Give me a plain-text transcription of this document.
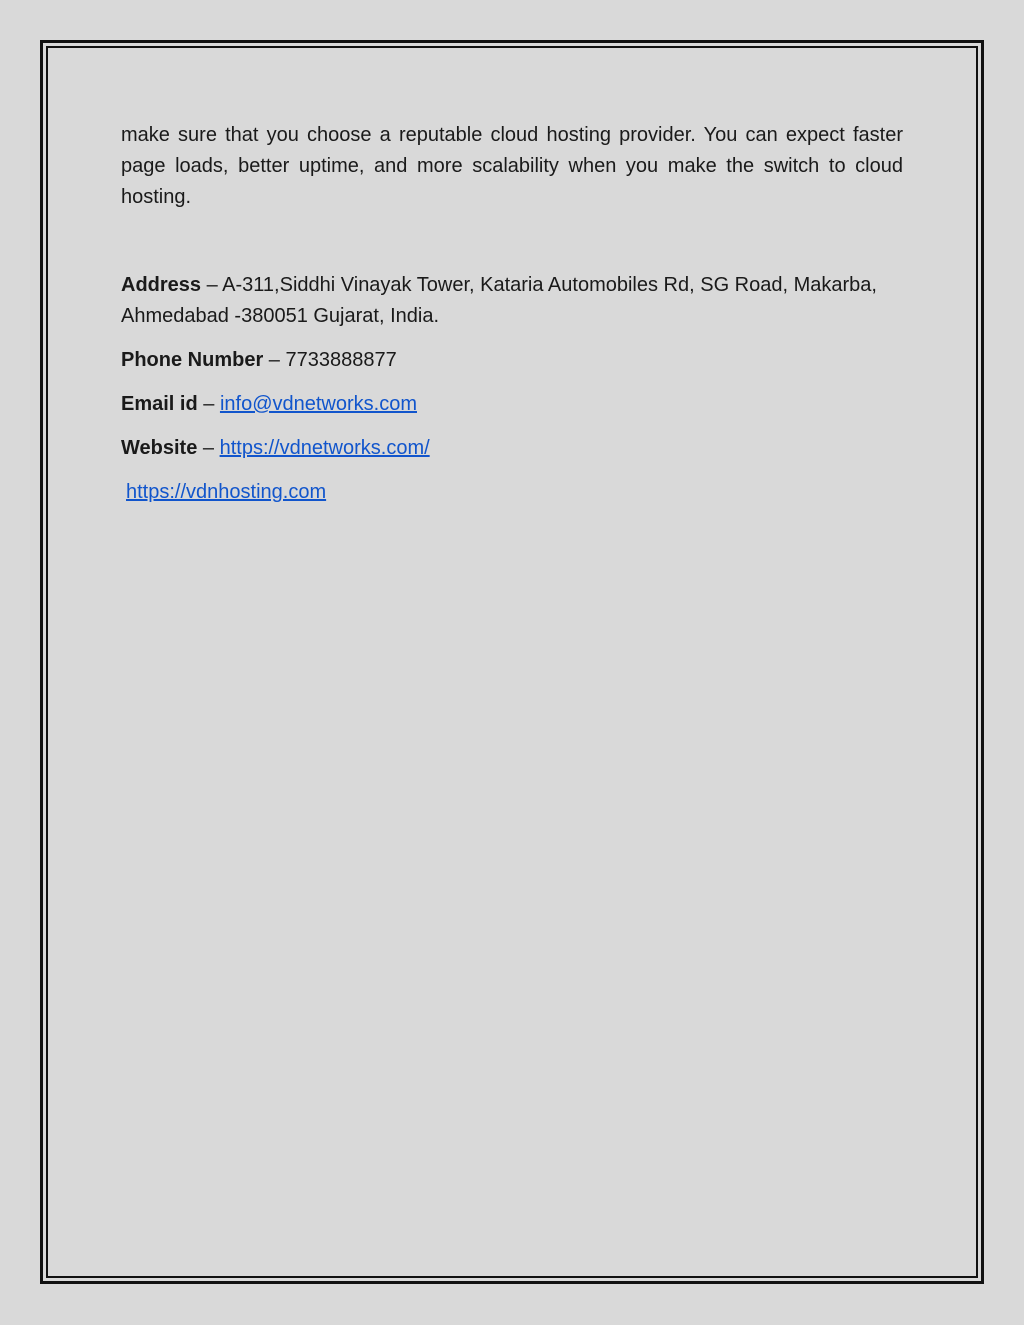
make sure that you choose a reputable cloud hosting provider. You can expect faster page loads, better uptime, and more scalability when you make the switch to cloud hosting.

Address – A-311,Siddhi Vinayak Tower, Kataria Automobiles Rd, SG Road, Makarba, Ahmedabad -380051 Gujarat, India.

Phone Number – 7733888877

Email id – info@vdnetworks.com

Website – https://vdnetworks.com/

https://vdnhosting.com
